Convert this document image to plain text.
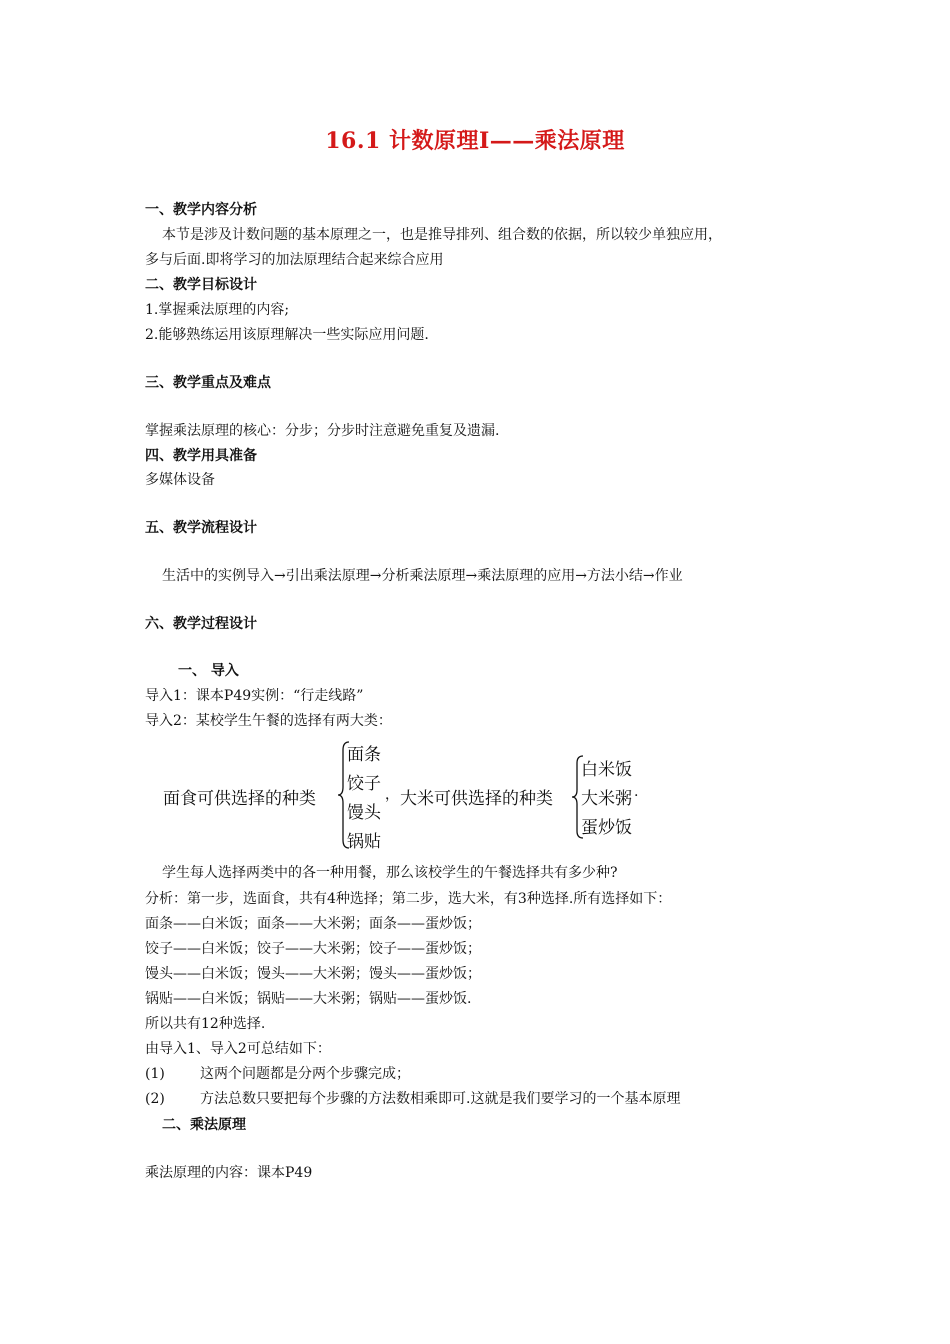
16.1 计数原理I——乘法原理
一、教学内容分析
本节是涉及计数问题的基本原理之一，也是推导排列、组合数的依据，所以较少单独应用，
多与后面.即将学习的加法原理结合起来综合应用
二、教学目标设计
1.掌握乘法原理的内容;
2.能够熟练运用该原理解决一些实际应用问题.
三、教学重点及难点
掌握乘法原理的核心：分步；分步时注意避免重复及遗漏.
四、教学用具准备
多媒体设备
五、教学流程设计
生活中的实例导入→引出乘法原理→分析乘法原理→乘法原理的应用→方法小结→作业
六、教学过程设计
一、 导入
导入1：课本P49实例：“行走线路”
导入2：某校学生午餐的选择有两大类：
面食可供选择的种类
面条
饺子
馒头
锅贴
， 大米可供选择的种类
白米饭
大米粥
蛋炒饭
.
学生每人选择两类中的各一种用餐，那么该校学生的午餐选择共有多少种?
分析：第一步，选面食，共有4种选择；第二步，选大米，有3种选择.所有选择如下：
面条——白米饭；面条——大米粥；面条——蛋炒饭；
饺子——白米饭；饺子——大米粥；饺子——蛋炒饭；
馒头——白米饭；馒头——大米粥；馒头——蛋炒饭；
锅贴——白米饭；锅贴——大米粥；锅贴——蛋炒饭.
所以共有12种选择.
由导入1、导入2可总结如下：
(1)	这两个问题都是分两个步骤完成；
(2)	方法总数只要把每个步骤的方法数相乘即可.这就是我们要学习的一个基本原理
二、乘法原理
乘法原理的内容：课本P49
